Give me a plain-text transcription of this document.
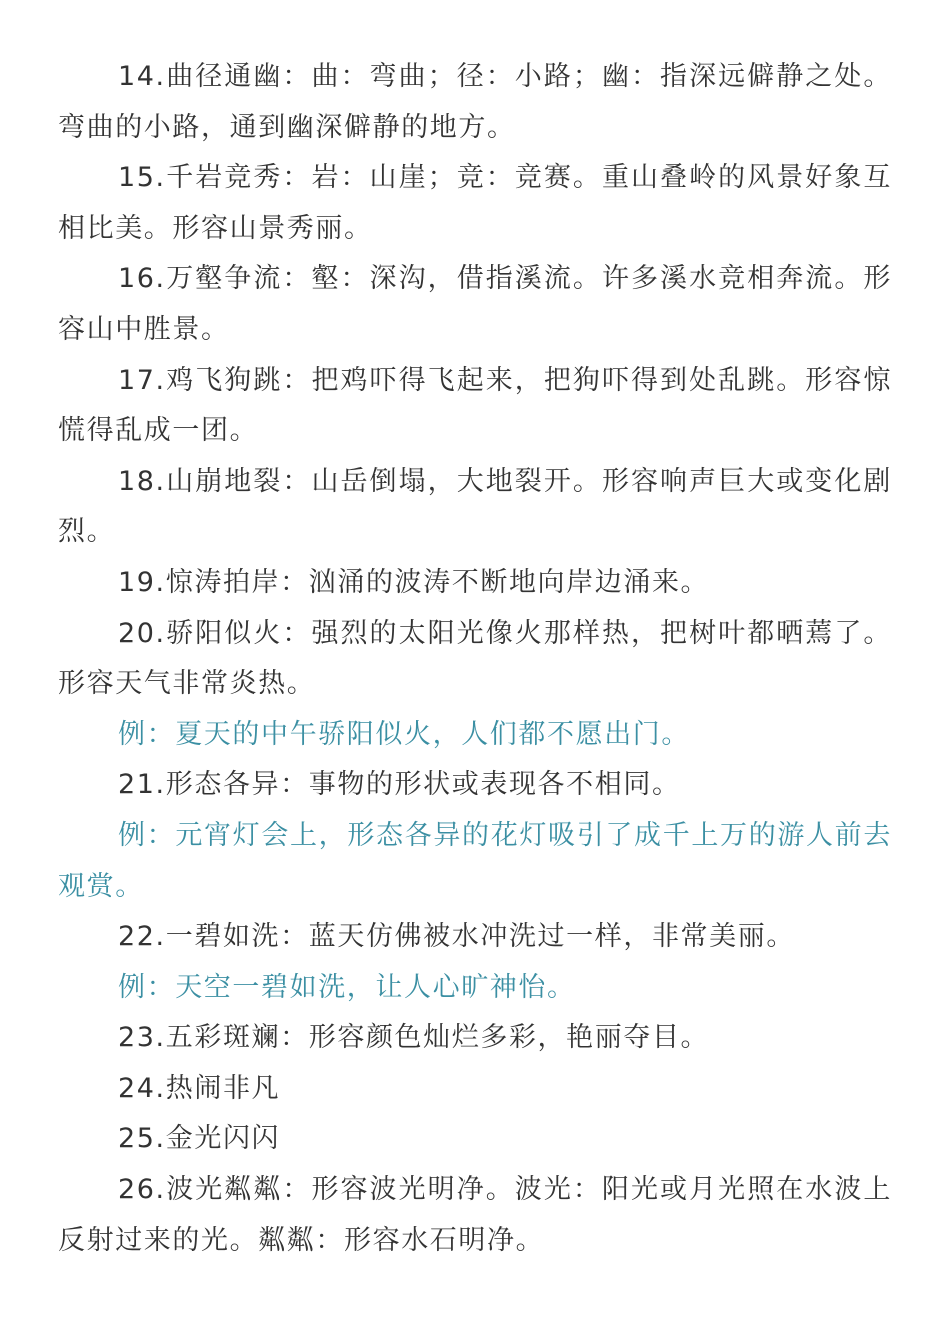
14.曲径通幽：曲：弯曲；径：小路；幽：指深远僻静之处。弯曲的小路，通到幽深僻静的地方。

15.千岩竞秀：岩：山崖；竞：竞赛。重山叠岭的风景好象互相比美。形容山景秀丽。

16.万壑争流：壑：深沟，借指溪流。许多溪水竞相奔流。形容山中胜景。

17.鸡飞狗跳：把鸡吓得飞起来，把狗吓得到处乱跳。形容惊慌得乱成一团。

18.山崩地裂：山岳倒塌，大地裂开。形容响声巨大或变化剧烈。

19.惊涛拍岸：汹涌的波涛不断地向岸边涌来。

20.骄阳似火：强烈的太阳光像火那样热，把树叶都晒蔫了。形容天气非常炎热。

例：夏天的中午骄阳似火，人们都不愿出门。

21.形态各异：事物的形状或表现各不相同。

例：元宵灯会上，形态各异的花灯吸引了成千上万的游人前去观赏。

22.一碧如洗：蓝天仿佛被水冲洗过一样，非常美丽。

例：天空一碧如洗，让人心旷神怡。

23.五彩斑斓：形容颜色灿烂多彩，艳丽夺目。

24.热闹非凡

25.金光闪闪

26.波光粼粼：形容波光明净。波光：阳光或月光照在水波上反射过来的光。粼粼：形容水石明净。
